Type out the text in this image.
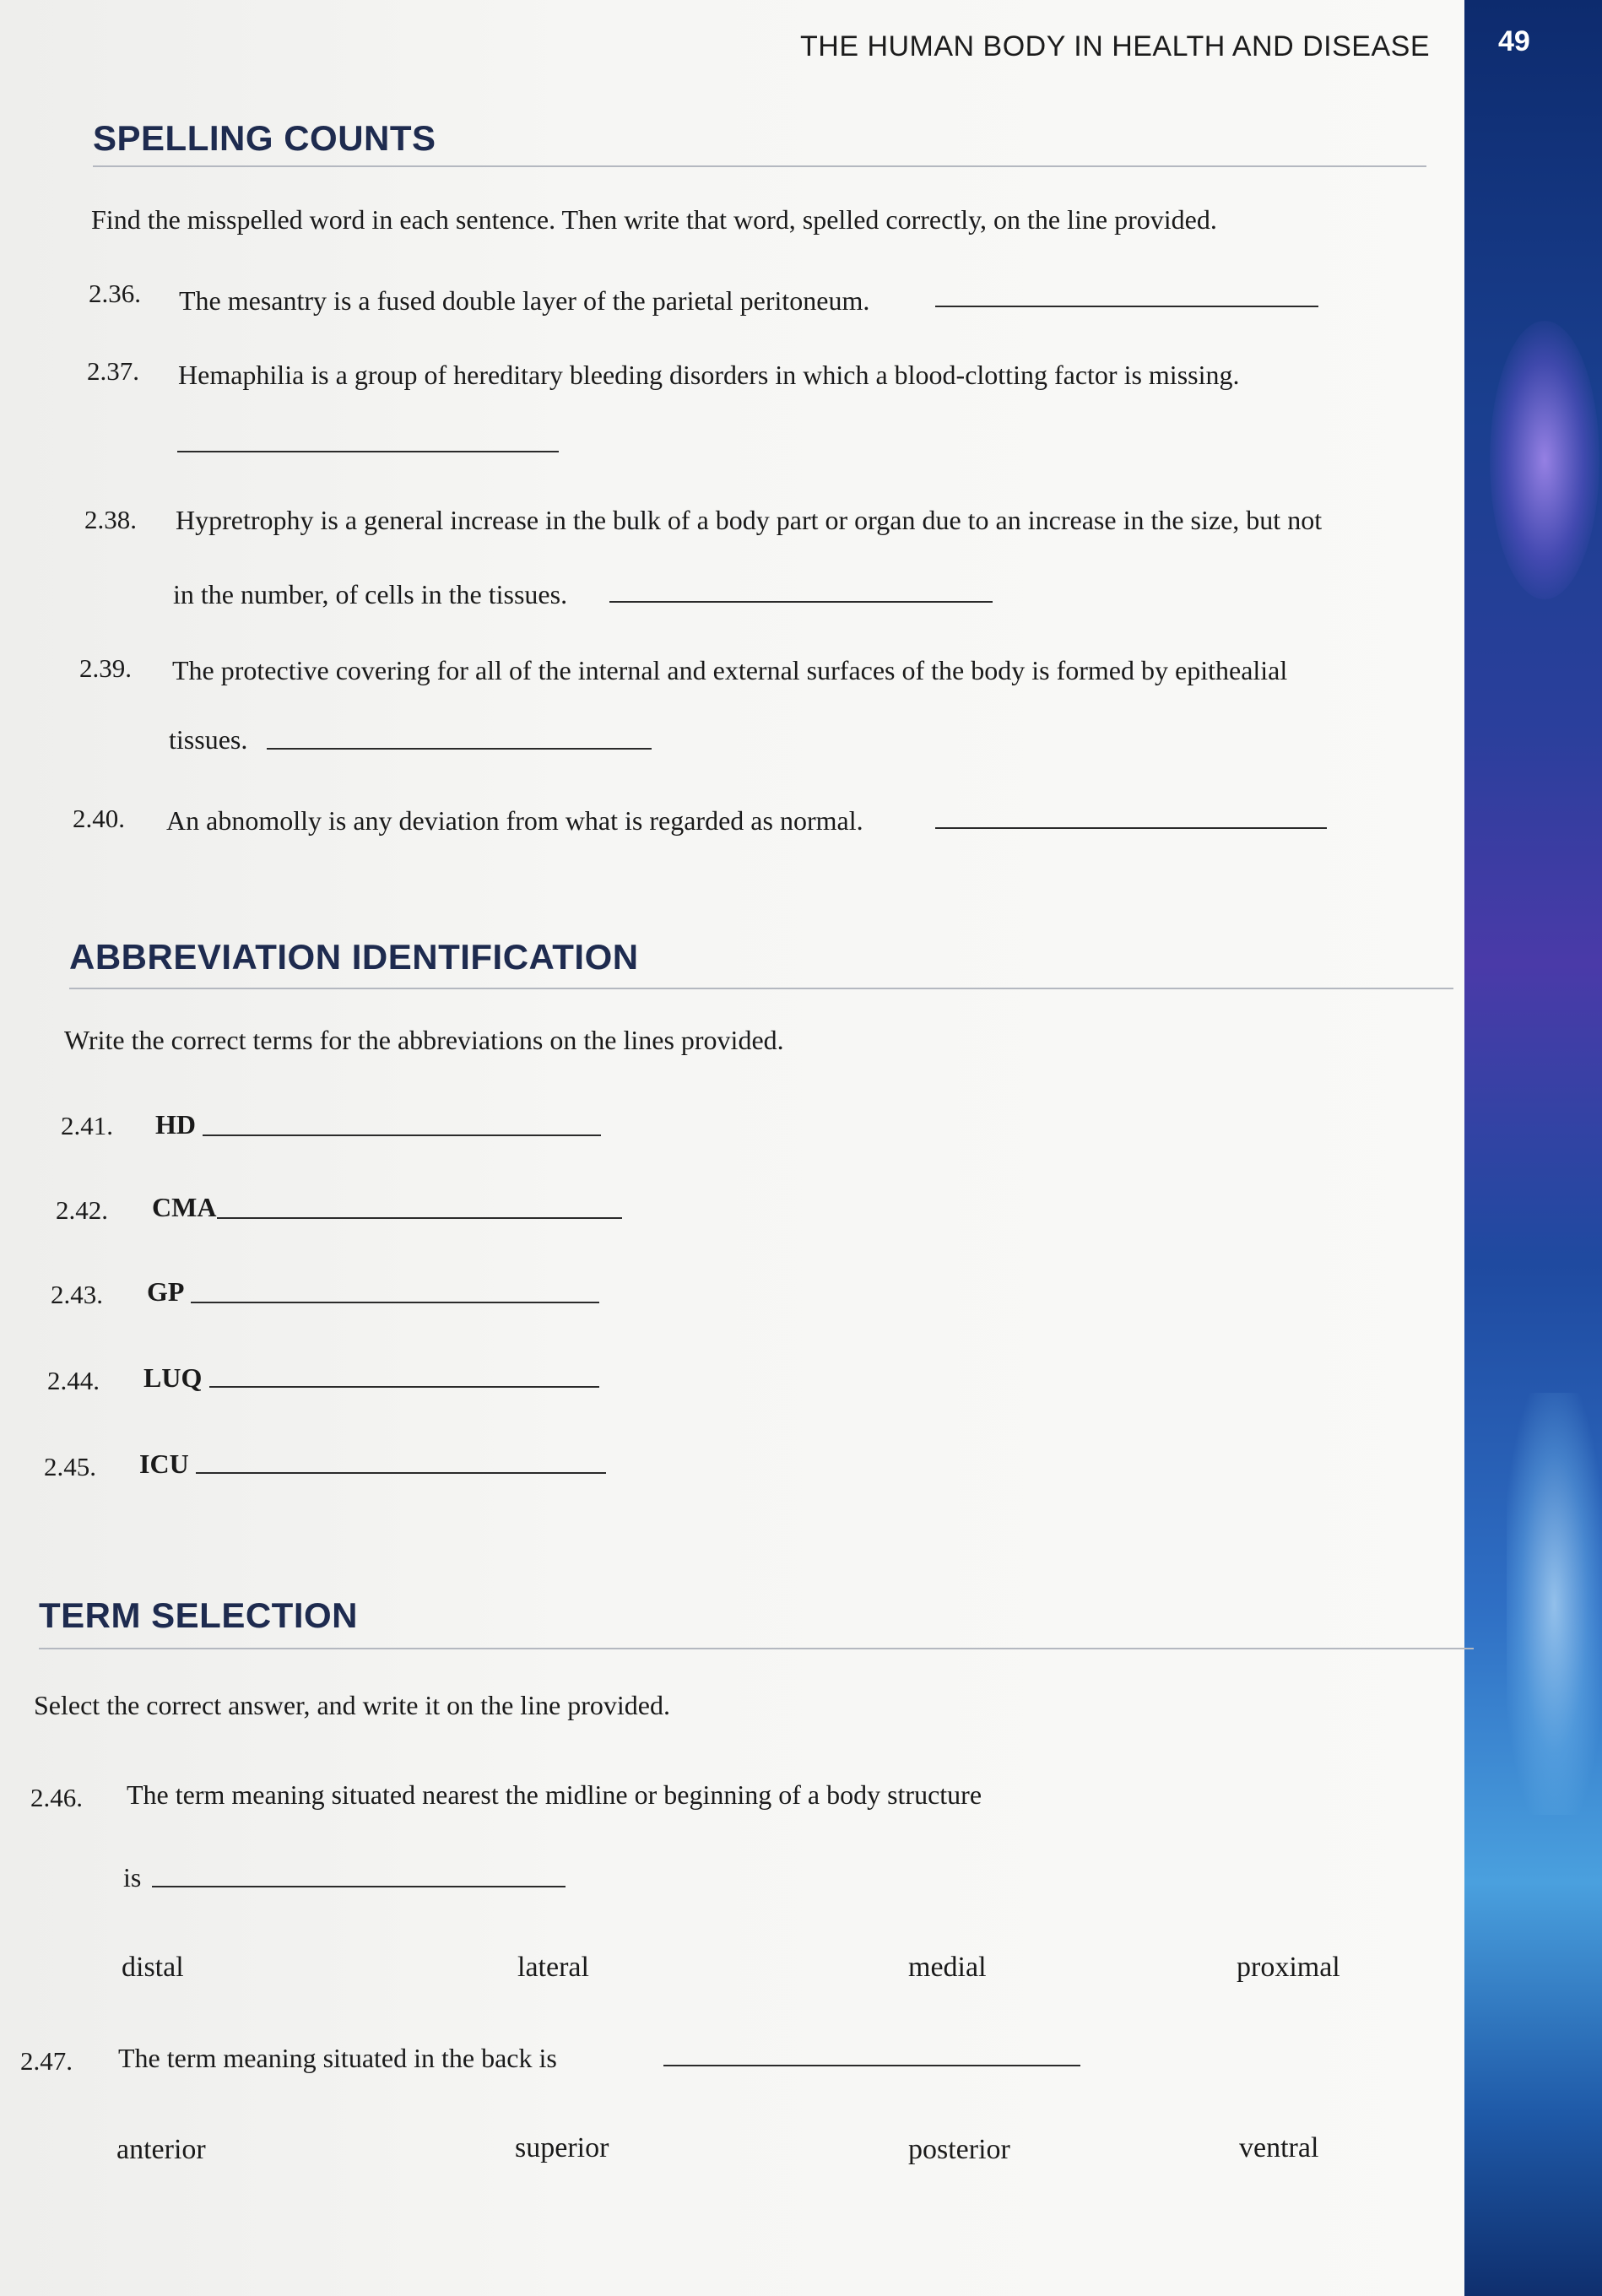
49
THE HUMAN BODY IN HEALTH AND DISEASE
SPELLING COUNTS
Find the misspelled word in each sentence. Then write that word, spelled correctly, on the line provided.
2.36. The mesantry is a fused double layer of the parietal peritoneum.
2.37. Hemaphilia is a group of hereditary bleeding disorders in which a blood-clotting factor is missing.
2.38. Hypretrophy is a general increase in the bulk of a body part or organ due to an increase in the size, but not
in the number, of cells in the tissues.
2.39. The protective covering for all of the internal and external surfaces of the body is formed by epithealial
tissues.
2.40. An abnomolly is any deviation from what is regarded as normal.
ABBREVIATION IDENTIFICATION
Write the correct terms for the abbreviations on the lines provided.
2.41. HD
2.42. CMA
2.43. GP
2.44. LUQ
2.45. ICU
TERM SELECTION
Select the correct answer, and write it on the line provided.
2.46. The term meaning situated nearest the midline or beginning of a body structure
is
distal	lateral	medial	proximal
2.47. The term meaning situated in the back is
anterior	superior	posterior	ventral
